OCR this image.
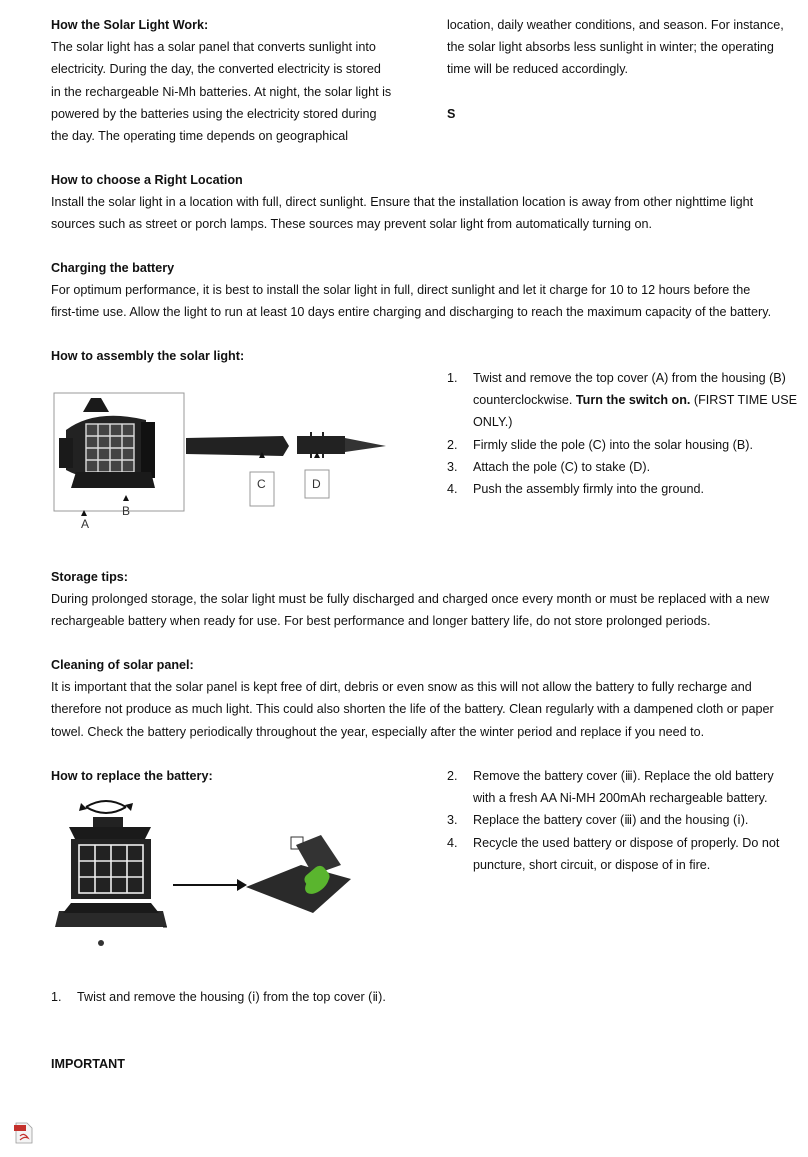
How the Solar Light Work:
The solar light has a solar panel that converts sunlight into
electricity. During the day, the converted electricity is stored
in the rechargeable Ni-Mh batteries. At night, the solar light is
powered by the batteries using the electricity stored during
the day. The operating time depends on geographical
location, daily weather conditions, and season. For instance,
the solar light absorbs less sunlight in winter; the operating
time will be reduced accordingly.
S
How to choose a Right Location
Install the solar light in a location with full, direct sunlight. Ensure that the installation location is away from other nighttime light
sources such as street or porch lamps. These sources may prevent solar light from automatically turning on.
Charging the battery
For optimum performance, it is best to install the solar light in full, direct sunlight and let it charge for 10 to 12 hours before the
first-time use. Allow the light to run at least 10 days entire charging and discharging to reach the maximum capacity of the battery.
How to assembly the solar light:
A
B
C	D
1. Twist and remove the top cover (A) from the housing (B) counterclockwise. Turn the switch on. (FIRST TIME USE ONLY.)
2. Firmly slide the pole (C) into the solar housing (B).
3. Attach the pole (C) to stake (D).
4. Push the assembly firmly into the ground.
Storage tips:
During prolonged storage, the solar light must be fully discharged and charged once every month or must be replaced with a new
rechargeable battery when ready for use. For best performance and longer battery life, do not store prolonged periods.
Cleaning of solar panel:
It is important that the solar panel is kept free of dirt, debris or even snow as this will not allow the battery to fully recharge and
therefore not produce as much light. This could also shorten the life of the battery. Clean regularly with a dampened cloth or paper
towel. Check the battery periodically throughout the year, especially after the winter period and replace if you need to.
How to replace the battery:	2. Remove the battery cover (ⅲ). Replace the old battery with a fresh AA Ni-MH 200mAh rechargeable battery.
3. Replace the battery cover (ⅲ) and the housing (ⅰ).
4. Recycle the used battery or dispose of properly. Do not puncture, short circuit, or dispose of in fire.
1. Twist and remove the housing (ⅰ) from the top cover (ⅱ).
IMPORTANT
